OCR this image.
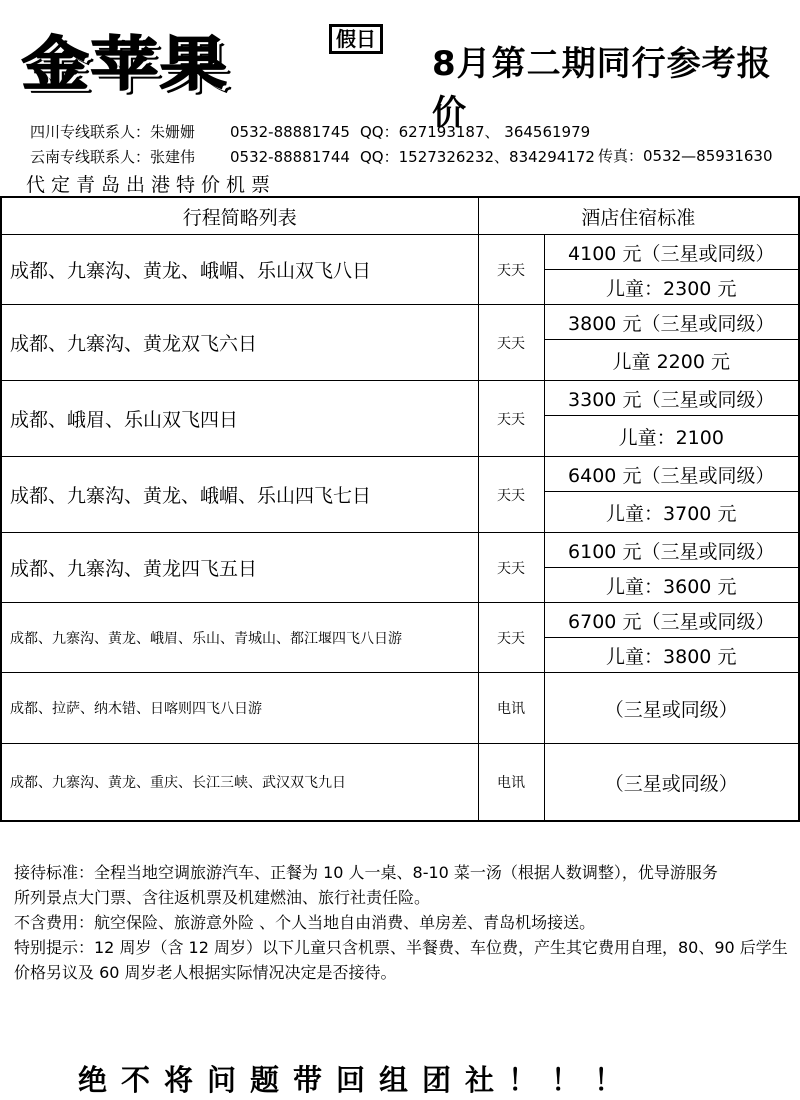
金苹果	假日
8月第二期同行参考报价
四川专线联系人：朱姗姗 0532-88881745 QQ：627193187、 364561979
云南专线联系人：张建伟 0532-88881744 QQ：1527326232、834294172 传真：0532—85931630
代定青岛出港特价机票
行程简略列表	酒店住宿标准	
成都、九寨沟、黄龙、峨嵋、乐山双飞八日	天天	4100 元（三星或同级）
		儿童：2300 元
成都、九寨沟、黄龙双飞六日	天天	3800 元（三星或同级）
		儿童 2200 元
成都、峨眉、乐山双飞四日	天天	3300 元（三星或同级）
		儿童：2100
成都、九寨沟、黄龙、峨嵋、乐山四飞七日	天天	6400 元（三星或同级）
		儿童：3700 元
成都、九寨沟、黄龙四飞五日	天天	6100 元（三星或同级）
		儿童：3600 元
成都、九寨沟、黄龙、峨眉、乐山、青城山、都江堰四飞八日游	天天	6700 元（三星或同级）
		儿童：3800 元
成都、拉萨、纳木错、日喀则四飞八日游	电讯	（三星或同级）
成都、九寨沟、黄龙、重庆、长江三峡、武汉双飞九日	电讯	（三星或同级）

接待标准：全程当地空调旅游汽车、正餐为 10 人一桌、8-10 菜一汤（根据人数调整），优导游服务

所列景点大门票、含往返机票及机建燃油、旅行社责任险。

不含费用：航空保险、旅游意外险 、个人当地自由消费、单房差、青岛机场接送。

特别提示：12 周岁（含 12 周岁）以下儿童只含机票、半餐费、车位费，产生其它费用自理，80、90 后学生价格另议及 60 周岁老人根据实际情况决定是否接待。

绝不将问题带回组团社！！！
